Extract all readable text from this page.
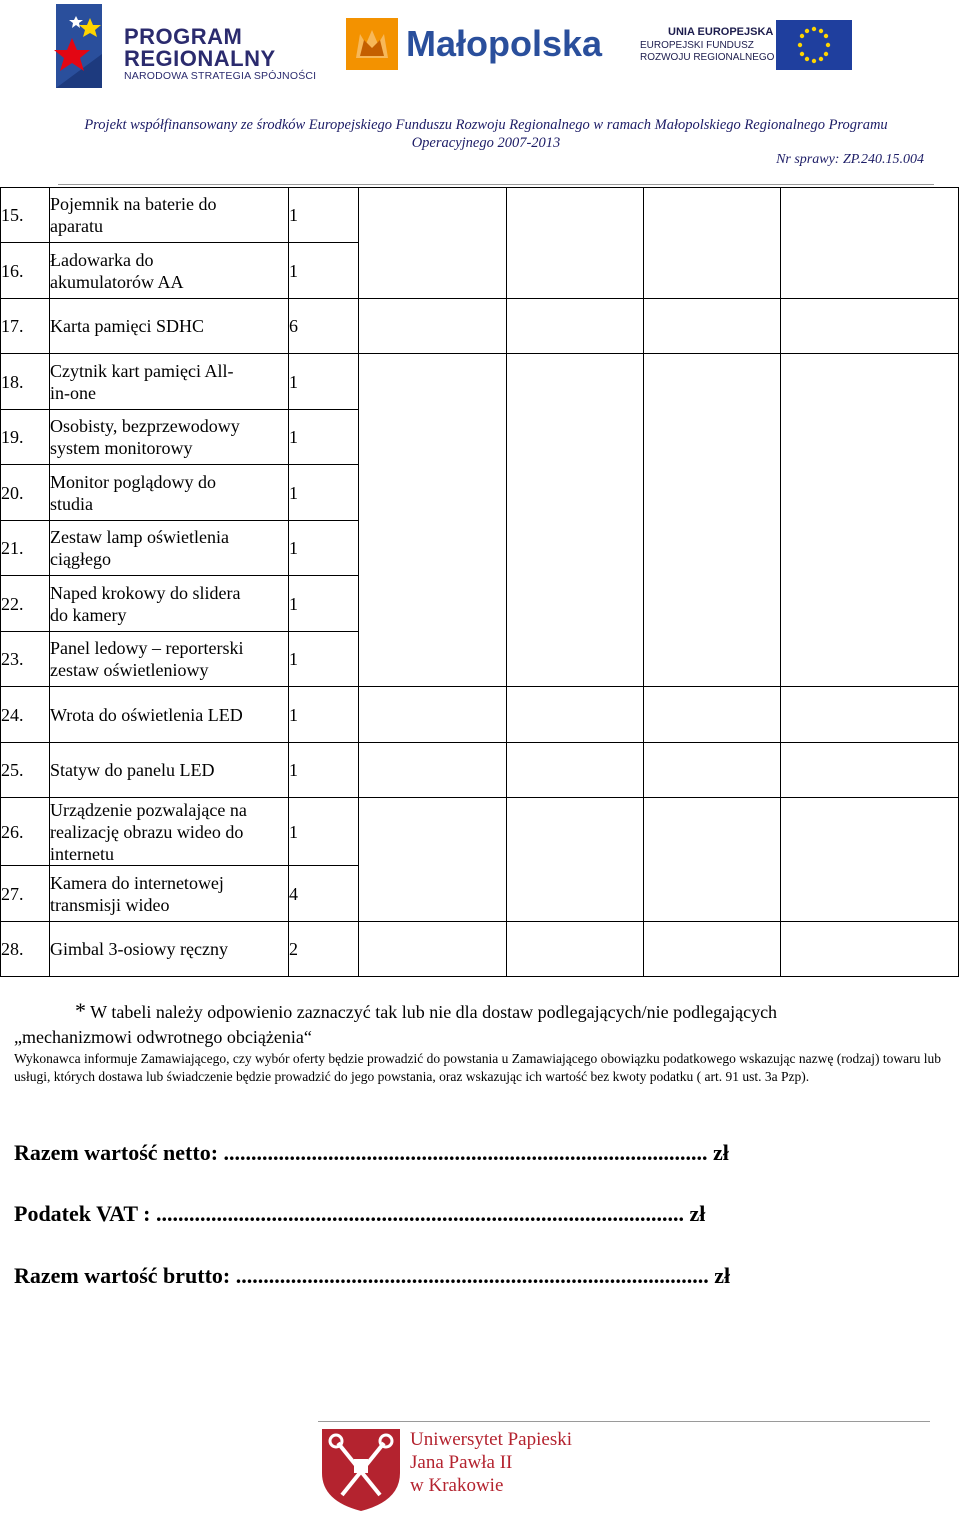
PROGRAM
REGIONALNY
NARODOWA STRATEGIA SPÓJNOŚCI
Małopolska	UNIA EUROPEJSKA
EUROPEJSKI FUNDUSZ
ROZWOJU REGIONALNEGO
Projekt współfinansowany ze środków Europejskiego Funduszu Rozwoju Regionalnego w ramach Małopolskiego Regionalnego Programu
Operacyjnego 2007-2013
Nr sprawy: ZP.240.15.004
15.	Pojemnik na baterie do
aparatu	1				
16.	Ładowarka do
akumulatorów AA	1				
17.	Karta pamięci SDHC	6				
18.	Czytnik kart pamięci All-
in-one	1				
19.	Osobisty, bezprzewodowy
system monitorowy	1				
20.	Monitor poglądowy do
studia	1				
21.	Zestaw lamp oświetlenia
ciągłego	1				
22.	Naped krokowy do slidera
do kamery	1				
23.	Panel ledowy – reporterski
zestaw oświetleniowy	1				
24.	Wrota do oświetlenia LED	1				
25.	Statyw do panelu LED	1				
26.	Urządzenie pozwalające na
realizację obrazu wideo do
internetu	1				
27.	Kamera do internetowej
transmisji wideo	4				
28.	Gimbal 3-osiowy ręczny	2				
* W tabeli należy odpowienio zaznaczyć tak lub nie dla dostaw podlegających/nie podlegających
„mechanizmowi odwrotnego obciążenia“
Wykonawca informuje Zamawiającego, czy wybór oferty będzie prowadzić do powstania u Zamawiającego obowiązku podatkowego wskazując nazwę (rodzaj) towaru lub usługi, których dostawa lub świadczenie będzie prowadzić do jego powstania, oraz wskazując ich wartość bez kwoty podatku ( art. 91 ust. 3a Pzp).
Razem wartość netto: ........................................................................................ zł
Podatek VAT : ................................................................................................ zł
Razem wartość brutto: ...................................................................................... zł
Uniwersytet Papieski
Jana Pawła II
w Krakowie
